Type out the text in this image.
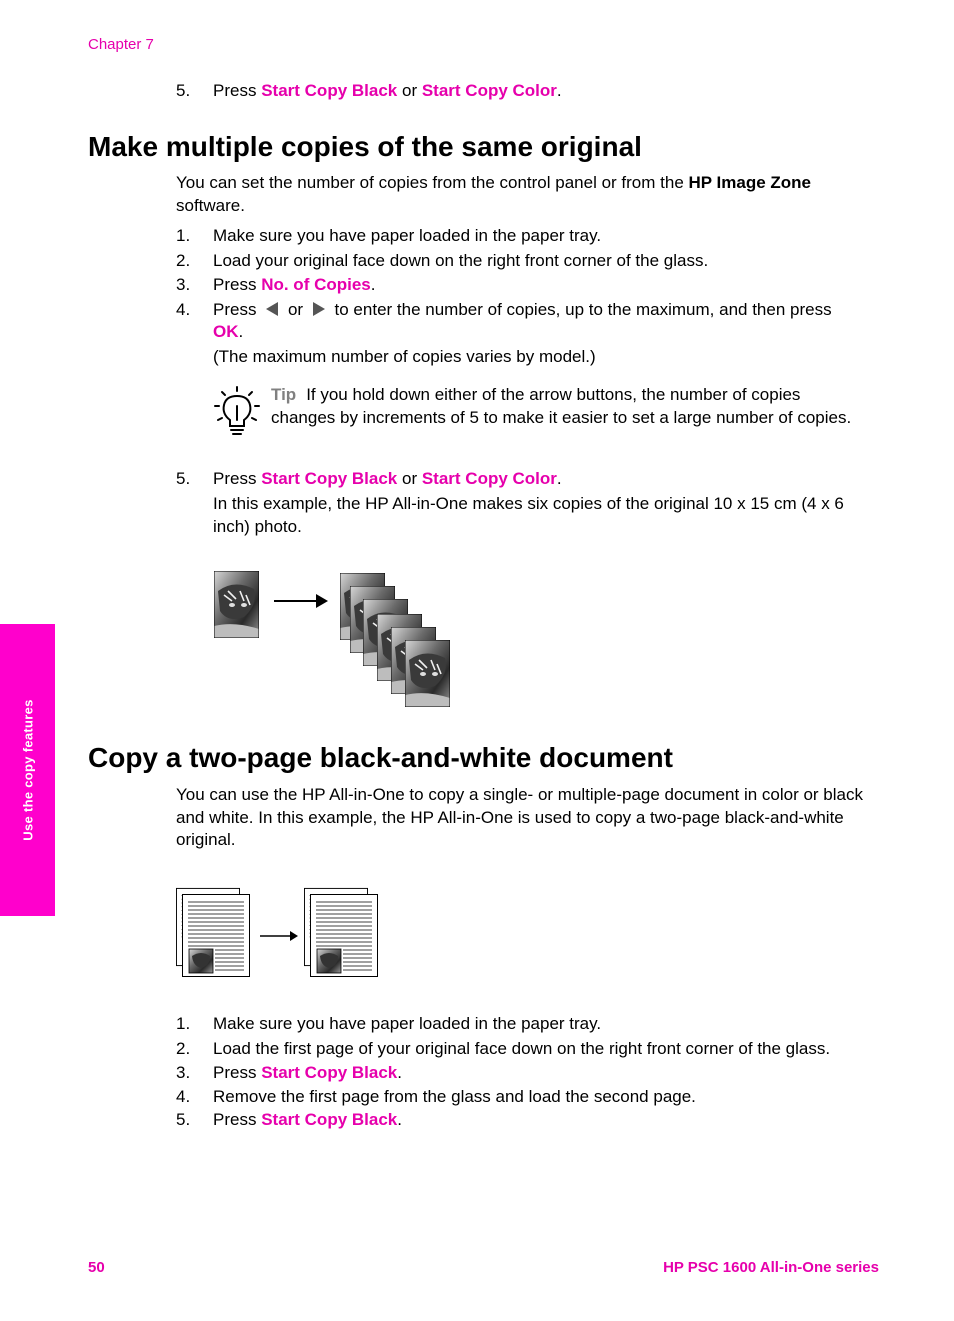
Chapter 7
Use the copy features
5. Press Start Copy Black or Start Copy Color.
Make multiple copies of the same original
You can set the number of copies from the control panel or from the HP Image Zone software.
1. Make sure you have paper loaded in the paper tray.
2. Load your original face down on the right front corner of the glass.
3. Press No. of Copies.
4. Press or to enter the number of copies, up to the maximum, and then press
OK.
(The maximum number of copies varies by model.)
Tip If you hold down either of the arrow buttons, the number of copies changes by increments of 5 to make it easier to set a large number of copies.
5. Press Start Copy Black or Start Copy Color.
In this example, the HP All-in-One makes six copies of the original 10 x 15 cm (4 x 6 inch) photo.
Copy a two-page black-and-white document
You can use the HP All-in-One to copy a single- or multiple-page document in color or black and white. In this example, the HP All-in-One is used to copy a two-page black-and-white original.
1. Make sure you have paper loaded in the paper tray.
2. Load the first page of your original face down on the right front corner of the glass.
3. Press Start Copy Black.
4. Remove the first page from the glass and load the second page.
5. Press Start Copy Black.
50	HP PSC 1600 All-in-One series
